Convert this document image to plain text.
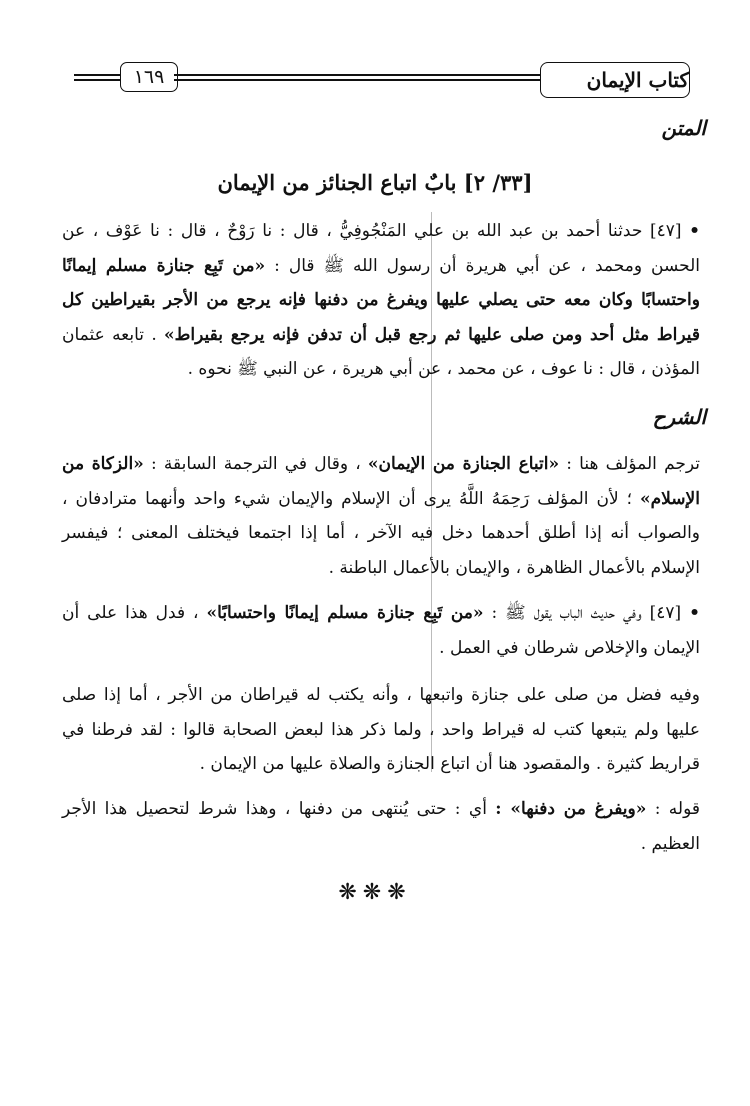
١٦٩	كتاب الإيمان
المتن
[٣٣/ ٢] بابٌ اتباع الجنائز من الإيمان
• [٤٧] حدثنا أحمد بن عبد الله بن علي المَنْجُوفِيُّ ، قال : نا رَوْحٌ ، قال : نا عَوْف ، عن الحسن ومحمد ، عن أبي هريرة أن رسول الله ﷺ قال : «من تَبِع جنازة مسلم إيمانًا واحتسابًا وكان معه حتى يصلي عليها ويفرغ من دفنها فإنه يرجع من الأجر بقيراطين كل قيراط مثل أحد ومن صلى عليها ثم رجع قبل أن تدفن فإنه يرجع بقيراط» . تابعه عثمان المؤذن ، قال : نا عوف ، عن محمد ، عن أبي هريرة ، عن النبي ﷺ نحوه .
الشرح
ترجم المؤلف هنا : «اتباع الجنازة من الإيمان» ، وقال في الترجمة السابقة : «الزكاة من الإسلام» ؛ لأن المؤلف رَحِمَهُ اللَّهُ يرى أن الإسلام والإيمان شيء واحد وأنهما مترادفان ، والصواب أنه إذا أطلق أحدهما دخل فيه الآخر ، أما إذا اجتمعا فيختلف المعنى ؛ فيفسر الإسلام بالأعمال الظاهرة ، والإيمان بالأعمال الباطنة .
• [٤٧] وفي حديث الباب يقول ﷺ : «من تَبِع جنازة مسلم إيمانًا واحتسابًا» ، فدل هذا على أن الإيمان والإخلاص شرطان في العمل .
وفيه فضل من صلى على جنازة واتبعها ، وأنه يكتب له قيراطان من الأجر ، أما إذا صلى عليها ولم يتبعها كتب له قيراط واحد ، ولما ذكر هذا لبعض الصحابة قالوا : لقد فرطنا في قراريط كثيرة . والمقصود هنا أن اتباع الجنازة والصلاة عليها من الإيمان .
قوله : «ويفرغ من دفنها» : أي : حتى يُنتهى من دفنها ، وهذا شرط لتحصيل هذا الأجر العظيم .
❋❋❋
